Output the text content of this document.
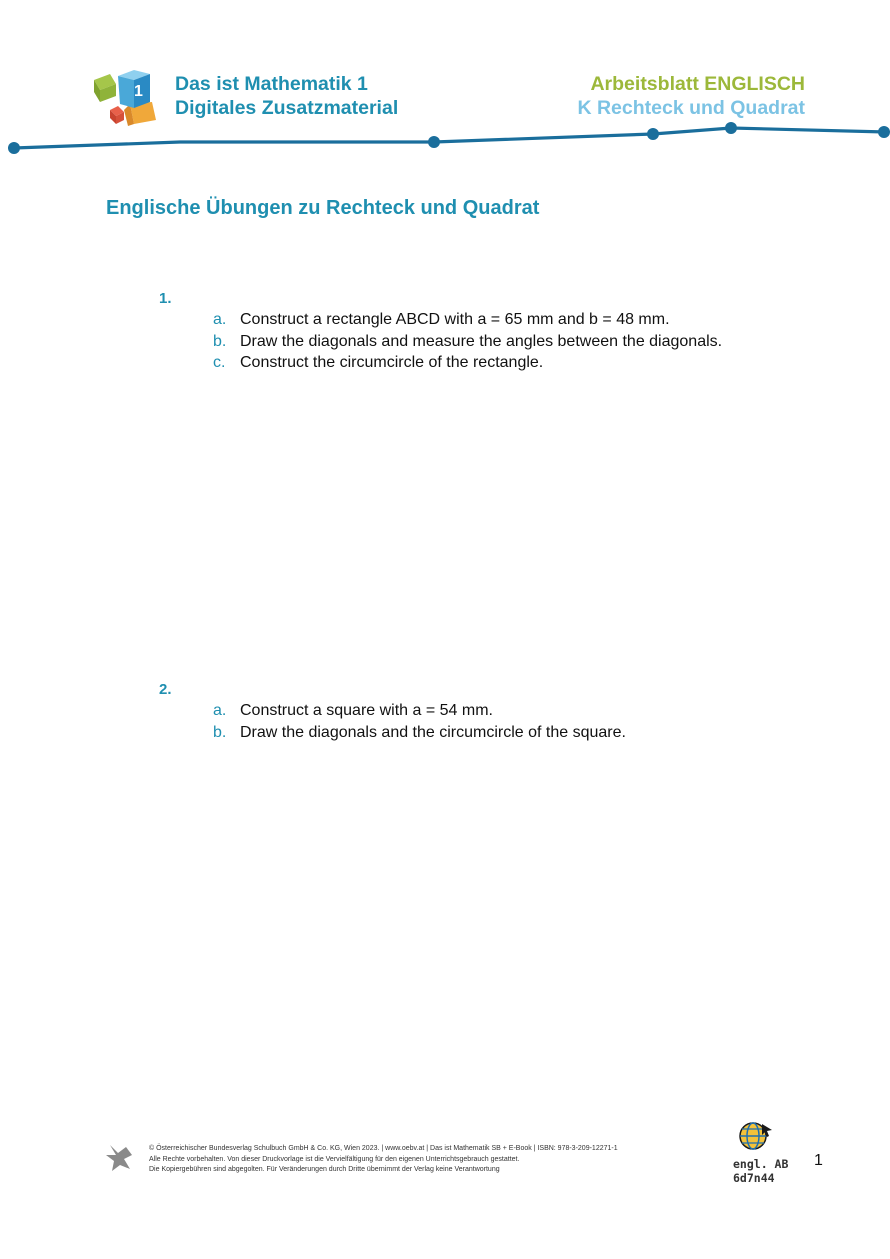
1 Das ist Mathematik 1
Digitales Zusatzmaterial
Arbeitsblatt ENGLISCH
K Rechteck und Quadrat
Englische Übungen zu Rechteck und Quadrat
1.
a. Construct a rectangle ABCD with a = 65 mm and b = 48 mm.
b. Draw the diagonals and measure the angles between the diagonals.
c. Construct the circumcircle of the rectangle.
2.
a. Construct a square with a = 54 mm.
b. Draw the diagonals and the circumcircle of the square.
© Österreichischer Bundesverlag Schulbuch GmbH & Co. KG, Wien 2023. | www.oebv.at | Das ist Mathematik SB + E-Book | ISBN: 978-3-209-12271-1
Alle Rechte vorbehalten. Von dieser Druckvorlage ist die Vervielfältigung für den eigenen Unterrichtsgebrauch gestattet.
Die Kopiergebühren sind abgegolten. Für Veränderungen durch Dritte übernimmt der Verlag keine Verantwortung	engl. AB
6d7n44
1
